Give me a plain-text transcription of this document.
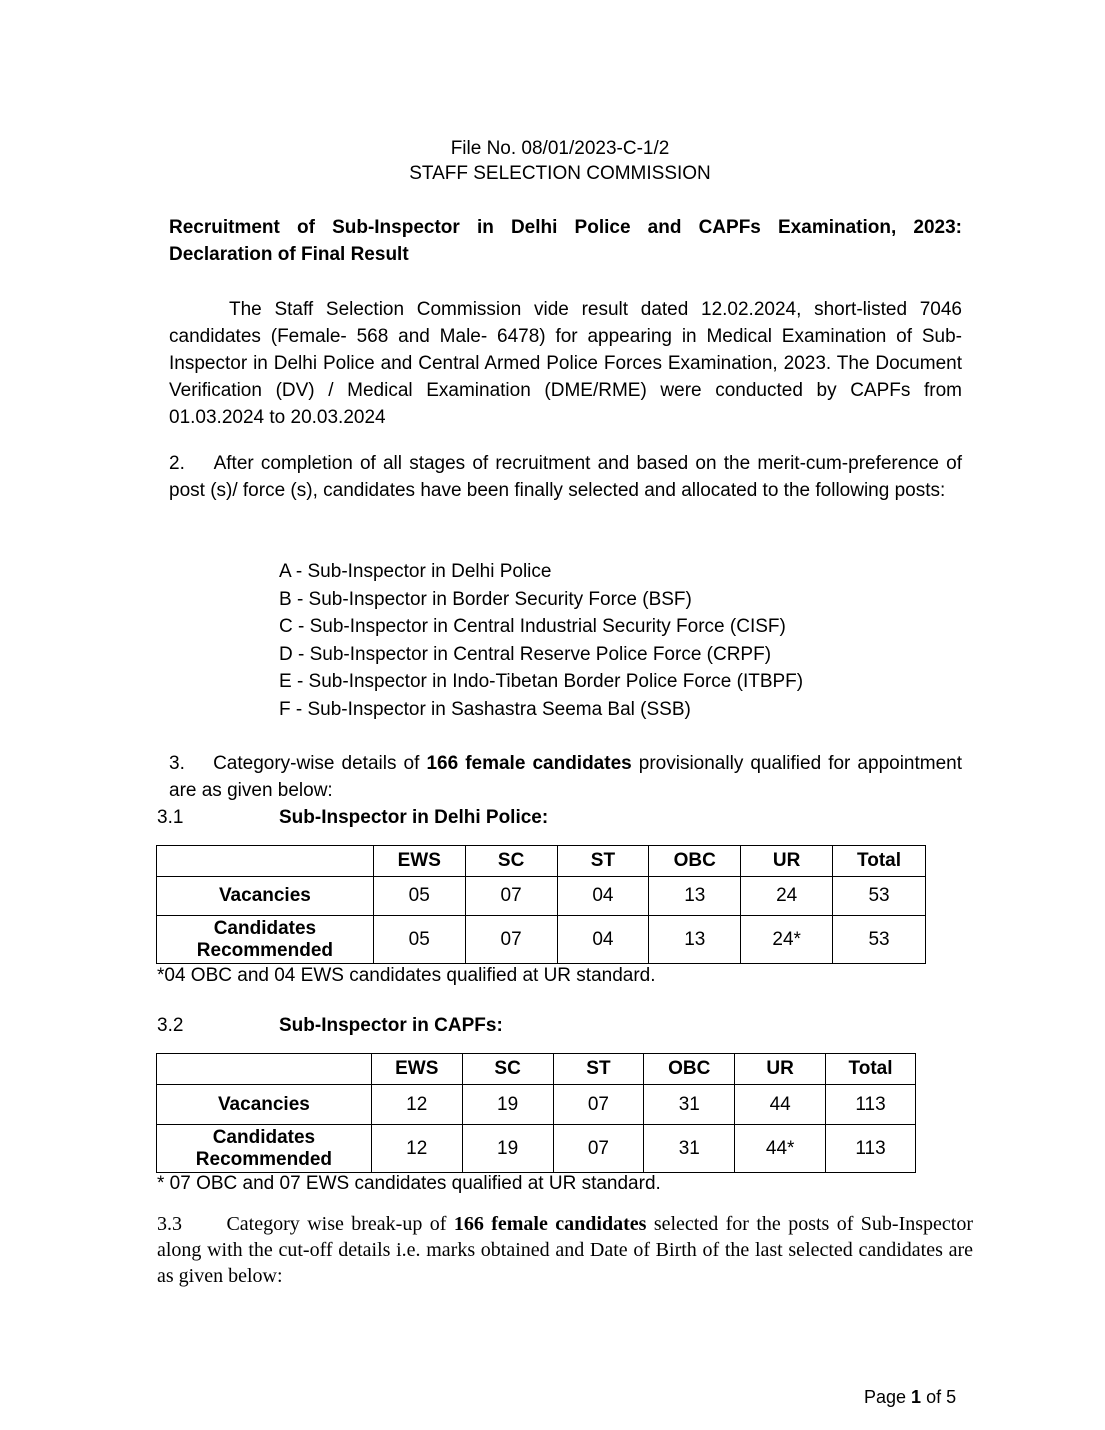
File No. 08/01/2023-C-1/2
STAFF SELECTION COMMISSION
Recruitment of Sub-Inspector in Delhi Police and CAPFs Examination, 2023: Declaration of Final Result
The Staff Selection Commission vide result dated 12.02.2024, short-listed 7046 candidates (Female- 568 and Male- 6478) for appearing in Medical Examination of Sub-Inspector in Delhi Police and Central Armed Police Forces Examination, 2023. The Document Verification (DV) / Medical Examination (DME/RME) were conducted by CAPFs from 01.03.2024 to 20.03.2024
2.    After completion of all stages of recruitment and based on the merit-cum-preference of post (s)/ force (s), candidates have been finally selected and allocated to the following posts:
A - Sub-Inspector in Delhi Police
B - Sub-Inspector in Border Security Force (BSF)
C - Sub-Inspector in Central Industrial Security Force (CISF)
D - Sub-Inspector in Central Reserve Police Force (CRPF)
E - Sub-Inspector in Indo-Tibetan Border Police Force (ITBPF)
F - Sub-Inspector in Sashastra Seema Bal (SSB)
3.    Category-wise details of 166 female candidates provisionally qualified for appointment are as given below:
3.1	Sub-Inspector in Delhi Police:
	EWS	SC	ST	OBC	UR	Total
Vacancies	05	07	04	13	24	53
Candidates Recommended	05	07	04	13	24*	53
*04 OBC and 04 EWS candidates qualified at UR standard.
3.2	Sub-Inspector in CAPFs:
	EWS	SC	ST	OBC	UR	Total
Vacancies	12	19	07	31	44	113
Candidates Recommended	12	19	07	31	44*	113
* 07 OBC and 07 EWS candidates qualified at UR standard.
3.3 Category wise break-up of 166 female candidates selected for the posts of Sub-Inspector along with the cut-off details i.e. marks obtained and Date of Birth of the last selected candidates are as given below:
Page 1 of 5
